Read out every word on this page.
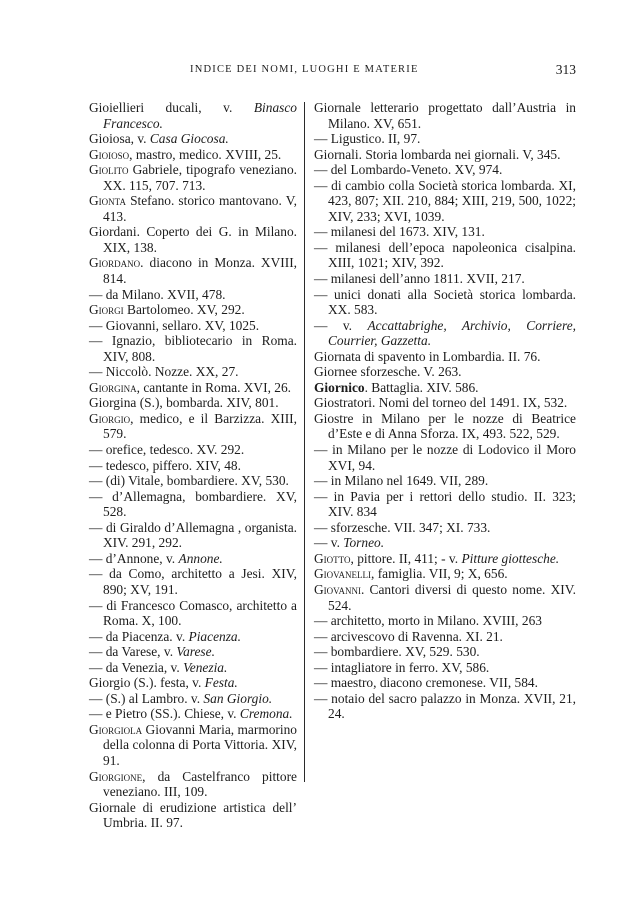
INDICE DEI NOMI, LUOGHI E MATERIE	313

Gioiellieri ducali, v. Binasco Francesco.

Gioiosa, v. Casa Giocosa.

Gioioso, mastro, medico. XVIII, 25.

Giolito Gabriele, tipografo veneziano. XX. 115, 707. 713.

Gionta Stefano. storico mantovano. V, 413.

Giordani. Coperto dei G. in Milano. XIX, 138.

Giordano. diacono in Monza. XVIII, 814.

— da Milano. XVII, 478.

Giorgi Bartolomeo. XV, 292.

— Giovanni, sellaro. XV, 1025.

— Ignazio, bibliotecario in Roma. XIV, 808.

— Niccolò. Nozze. XX, 27.

Giorgina, cantante in Roma. XVI, 26.

Giorgina (S.), bombarda. XIV, 801.

Giorgio, medico, e il Barzizza. XIII, 579.

— orefice, tedesco. XV. 292.

— tedesco, piffero. XIV, 48.

— (di) Vitale, bombardiere. XV, 530.

— d’Allemagna, bombardiere. XV, 528.

— di Giraldo d’Allemagna , organista. XIV. 291, 292.

— d’Annone, v. Annone.

— da Como, architetto a Jesi. XIV, 890; XV, 191.

— di Francesco Comasco, architetto a Roma. X, 100.

— da Piacenza. v. Piacenza.

— da Varese, v. Varese.

— da Venezia, v. Venezia.

Giorgio (S.). festa, v. Festa.

— (S.) al Lambro. v. San Giorgio.

— e Pietro (SS.). Chiese, v. Cremona.

Giorgiola Giovanni Maria, marmorino della colonna di Porta Vittoria. XIV, 91.

Giorgione, da Castelfranco pittore veneziano. III, 109.

Giornale di erudizione artistica dell’ Umbria. II. 97.

Giornale letterario progettato dall’Austria in Milano. XV, 651.

— Ligustico. II, 97.

Giornali. Storia lombarda nei giornali. V, 345.

— del Lombardo-Veneto. XV, 974.

— di cambio colla Società storica lombarda. XI, 423, 807; XII. 210, 884; XIII, 219, 500, 1022; XIV, 233; XVI, 1039.

— milanesi del 1673. XIV, 131.

— milanesi dell’epoca napoleonica cisalpina. XIII, 1021; XIV, 392.

— milanesi dell’anno 1811. XVII, 217.

— unici donati alla Società storica lombarda. XX. 583.

— v. Accattabrighe, Archivio, Corriere, Courrier, Gazzetta.

Giornata di spavento in Lombardia. II. 76.

Giornee sforzesche. V. 263.

Giornico. Battaglia. XIV. 586.

Giostratori. Nomi del torneo del 1491. IX, 532.

Giostre in Milano per le nozze di Beatrice d’Este e di Anna Sforza. IX, 493. 522, 529.

— in Milano per le nozze di Lodovico il Moro XVI, 94.

— in Milano nel 1649. VII, 289.

— in Pavia per i rettori dello studio. II. 323; XIV. 834

— sforzesche. VII. 347; XI. 733.

— v. Torneo.

Giotto, pittore. II, 411; - v. Pitture giottesche.

Giovanelli, famiglia. VII, 9; X, 656.

Giovanni. Cantori diversi di questo nome. XIV. 524.

— architetto, morto in Milano. XVIII, 263

— arcivescovo di Ravenna. XI. 21.

— bombardiere. XV, 529. 530.

— intagliatore in ferro. XV, 586.

— maestro, diacono cremonese. VII, 584.

— notaio del sacro palazzo in Monza. XVII, 21, 24.
